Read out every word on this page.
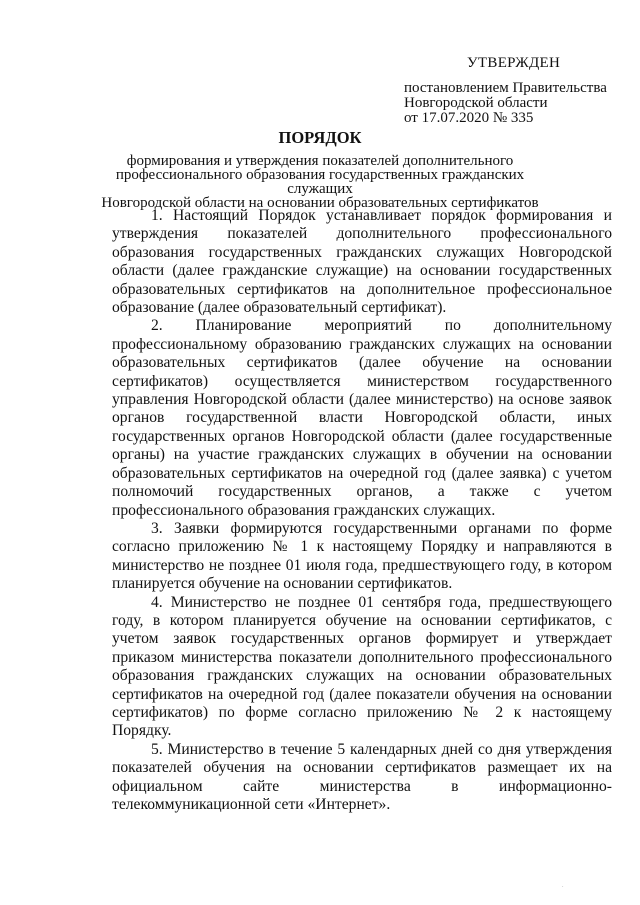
УТВЕРЖДЕН
постановлением Правительства
Новгородской области
от 17.07.2020 № 335
ПОРЯДОК
формирования и утверждения показателей дополнительного
профессионального образования государственных гражданских служащих
Новгородской области на основании образовательных сертификатов

1. Настоящий Порядок устанавливает порядок формирования и утверждения показателей дополнительного профессионального образования государственных гражданских служащих Новгородской области (далее гражданские служащие) на основании государственных образовательных сертификатов на дополнительное профессиональное образование (далее образовательный сертификат).

2. Планирование мероприятий по дополнительному профессиональному образованию гражданских служащих на основании образовательных сертификатов (далее обучение на основании сертификатов) осуществляется министерством государственного управления Новгородской области (далее министерство) на основе заявок органов государственной власти Новгородской области, иных государственных органов Новгородской области (далее государственные органы) на участие гражданских служащих в обучении на основании образовательных сертификатов на очередной год (далее заявка) с учетом полномочий государственных органов, а также с учетом профессионального образования гражданских служащих.

3. Заявки формируются государственными органами по форме согласно приложению № 1 к настоящему Порядку и направляются в министерство не позднее 01 июля года, предшествующего году, в котором планируется обучение на основании сертификатов.

4. Министерство не позднее 01 сентября года, предшествующего году, в котором планируется обучение на основании сертификатов, с учетом заявок государственных органов формирует и утверждает приказом министерства показатели дополнительного профессионального образования гражданских служащих на основании образовательных сертификатов на очередной год (далее показатели обучения на основании сертификатов) по форме согласно приложению № 2 к настоящему Порядку.

5. Министерство в течение 5 календарных дней со дня утверждения показателей обучения на основании сертификатов размещает их на официальном сайте министерства в информационно-телекоммуникационной сети «Интернет».

.
